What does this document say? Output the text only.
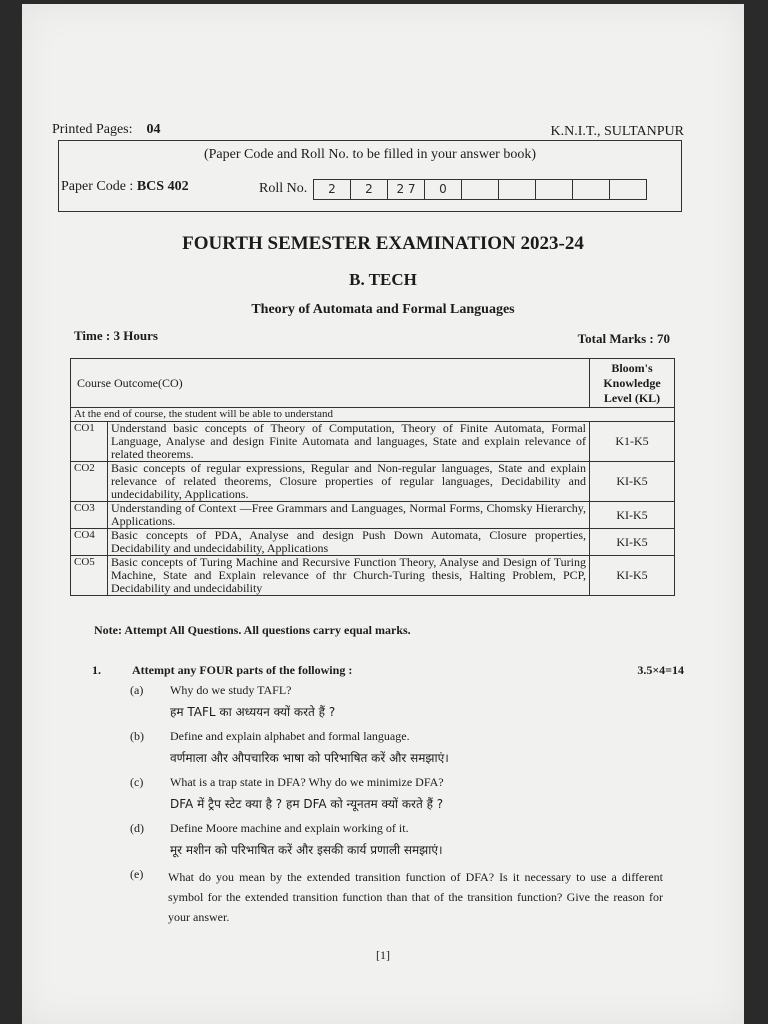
Printed Pages: 04	K.N.I.T., SULTANPUR
(Paper Code and Roll No. to be filled in your answer book)
Paper Code : BCS 402	Roll No.	2	2	2 7	0
FOURTH SEMESTER EXAMINATION 2023-24
B. TECH
Theory of Automata and Formal Languages
Time : 3 Hours	Total Marks : 70
Course Outcome(CO)		Bloom's
Knowledge
Level (KL)
At the end of course, the student will be able to understand		
CO1	Understand basic concepts of Theory of Computation, Theory of Finite Automata, Formal Language, Analyse and design Finite Automata and languages, State and explain relevance of related theorems.	K1-K5
CO2	Basic concepts of regular expressions, Regular and Non-regular languages, State and explain relevance of related theorems, Closure properties of regular languages, Decidability and undecidability, Applications.	KI-K5
CO3	Understanding of Context —Free Grammars and Languages, Normal Forms, Chomsky Hierarchy, Applications.	KI-K5
CO4	Basic concepts of PDA, Analyse and design Push Down Automata, Closure properties, Decidability and undecidability, Applications	KI-K5
CO5	Basic concepts of Turing Machine and Recursive Function Theory, Analyse and Design of Turing Machine, State and Explain relevance of thr Church-Turing thesis, Halting Problem, PCP, Decidability and undecidability	KI-K5
Note: Attempt All Questions. All questions carry equal marks.
1.	Attempt any FOUR parts of the following :	3.5×4=14
(a) Why do we study TAFL?
हम TAFL का अध्ययन क्यों करते हैं ?
(b) Define and explain alphabet and formal language.
वर्णमाला और औपचारिक भाषा को परिभाषित करें और समझाएं।
(c) What is a trap state in DFA? Why do we minimize DFA?
DFA में ट्रैप स्टेट क्या है ? हम DFA को न्यूनतम क्यों करते हैं ?
(d) Define Moore machine and explain working of it.
मूर मशीन को परिभाषित करें और इसकी कार्य प्रणाली समझाएं।
(e) What do you mean by the extended transition function of DFA? Is it necessary to use a different symbol for the extended transition function than that of the transition function? Give the reason for your answer.
[1]
